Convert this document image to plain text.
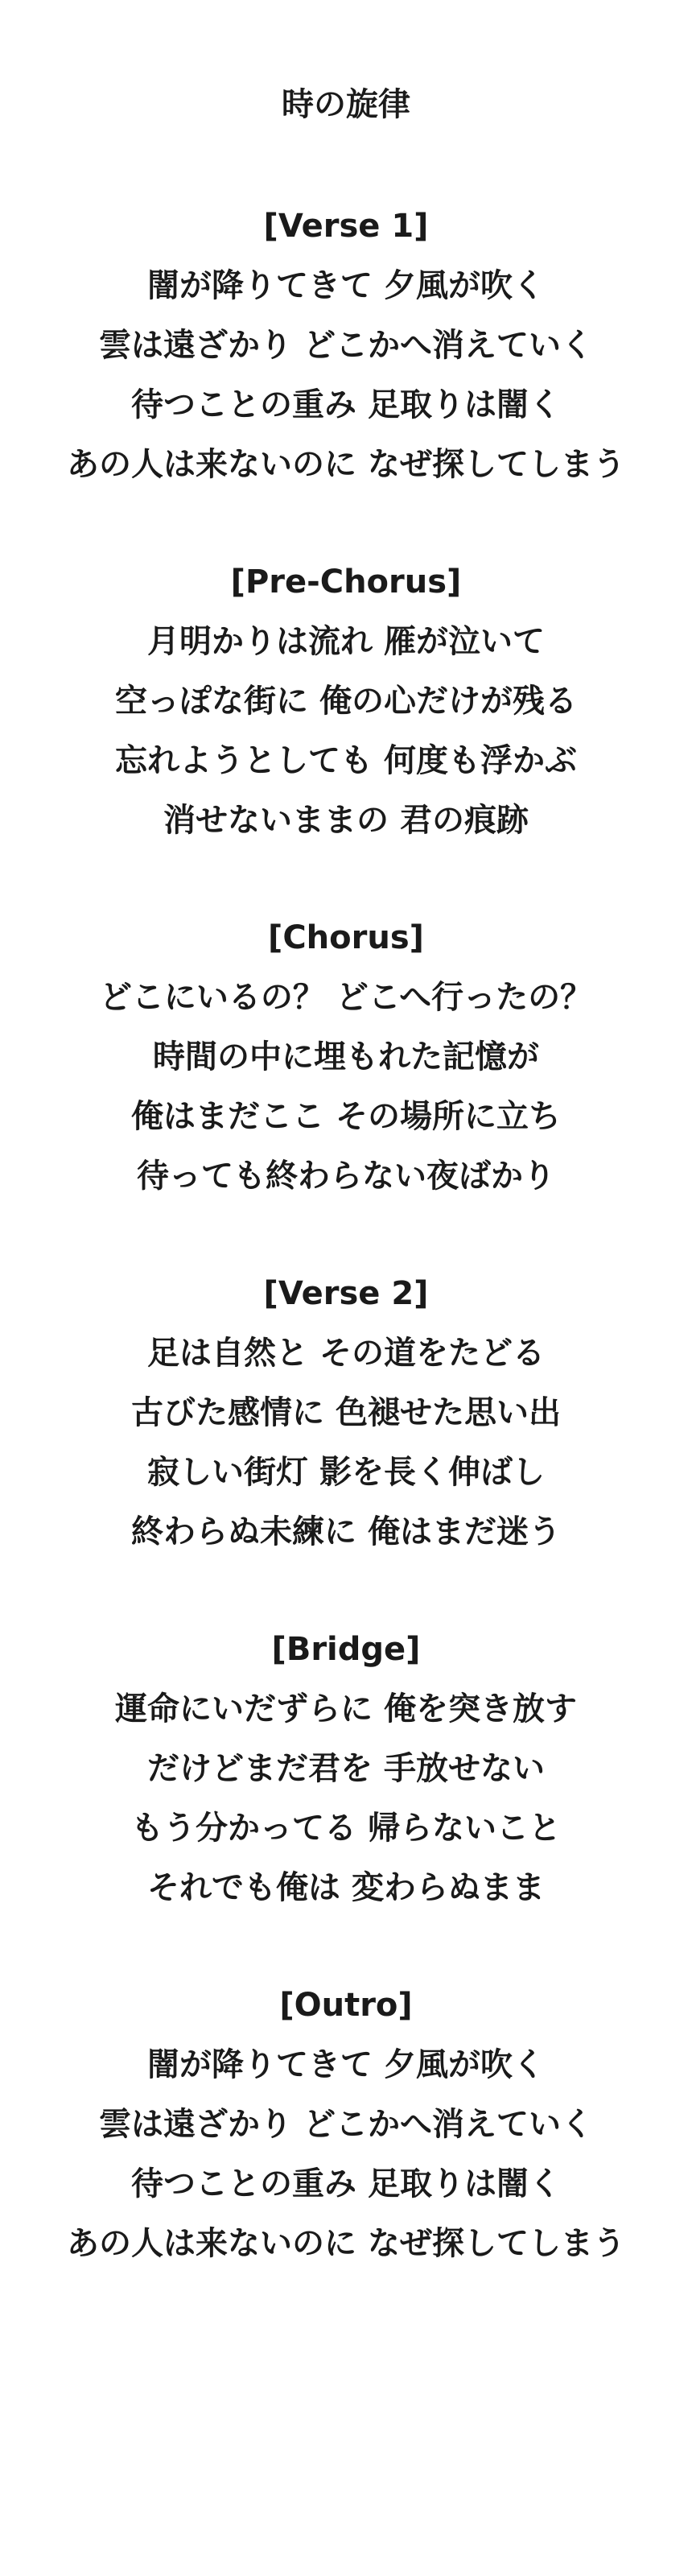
時の旋律
[Verse 1]
闇が降りてきて 夕風が吹く
雲は遠ざかり どこかへ消えていく
待つことの重み 足取りは闇く
あの人は来ないのに なぜ探してしまう
[Pre-Chorus]
月明かりは流れ 雁が泣いて
空っぽな街に 俺の心だけが残る
忘れようとしても 何度も浮かぶ
消せないままの 君の痕跡
[Chorus]
どこにいるの？ どこへ行ったの？
時間の中に埋もれた記憶が
俺はまだここ その場所に立ち
待っても終わらない夜ばかり
[Verse 2]
足は自然と その道をたどる
古びた感情に 色褪せた思い出
寂しい街灯 影を長く伸ばし
終わらぬ未練に 俺はまだ迷う
[Bridge]
運命にいだずらに 俺を突き放す
だけどまだ君を 手放せない
もう分かってる 帰らないこと
それでも俺は 変わらぬまま
[Outro]
闇が降りてきて 夕風が吹く
雲は遠ざかり どこかへ消えていく
待つことの重み 足取りは闇く
あの人は来ないのに なぜ探してしまう
